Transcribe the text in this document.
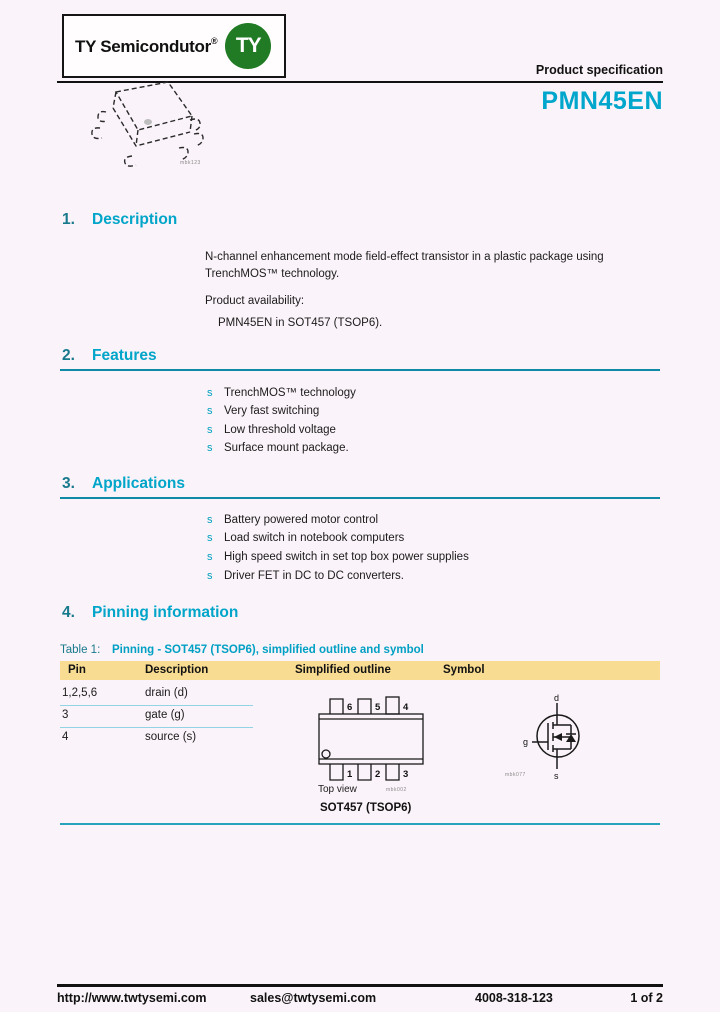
TY Semicondutor® TY
Product specification
PMN45EN
mbk123
1. Description
N-channel enhancement mode field-effect transistor in a plastic package using TrenchMOS™ technology.
Product availability:
PMN45EN in SOT457 (TSOP6).
2. Features
s TrenchMOS™ technology
s Very fast switching
s Low threshold voltage
s Surface mount package.
3. Applications
s Battery powered motor control
s Load switch in notebook computers
s High speed switch in set top box power supplies
s Driver FET in DC to DC converters.
4. Pinning information
Table 1: Pinning - SOT457 (TSOP6), simplified outline and symbol
Pin	Description	Simplified outline	Symbol
1,2,5,6	drain (d)
3	gate (g)
4	source (s)
6 5 4
1 2 3
Top view	mbk002
SOT457 (TSOP6)
d
g
s
mbk077
http://www.twtysemi.com	sales@twtysemi.com	4008-318-123	1 of 2
